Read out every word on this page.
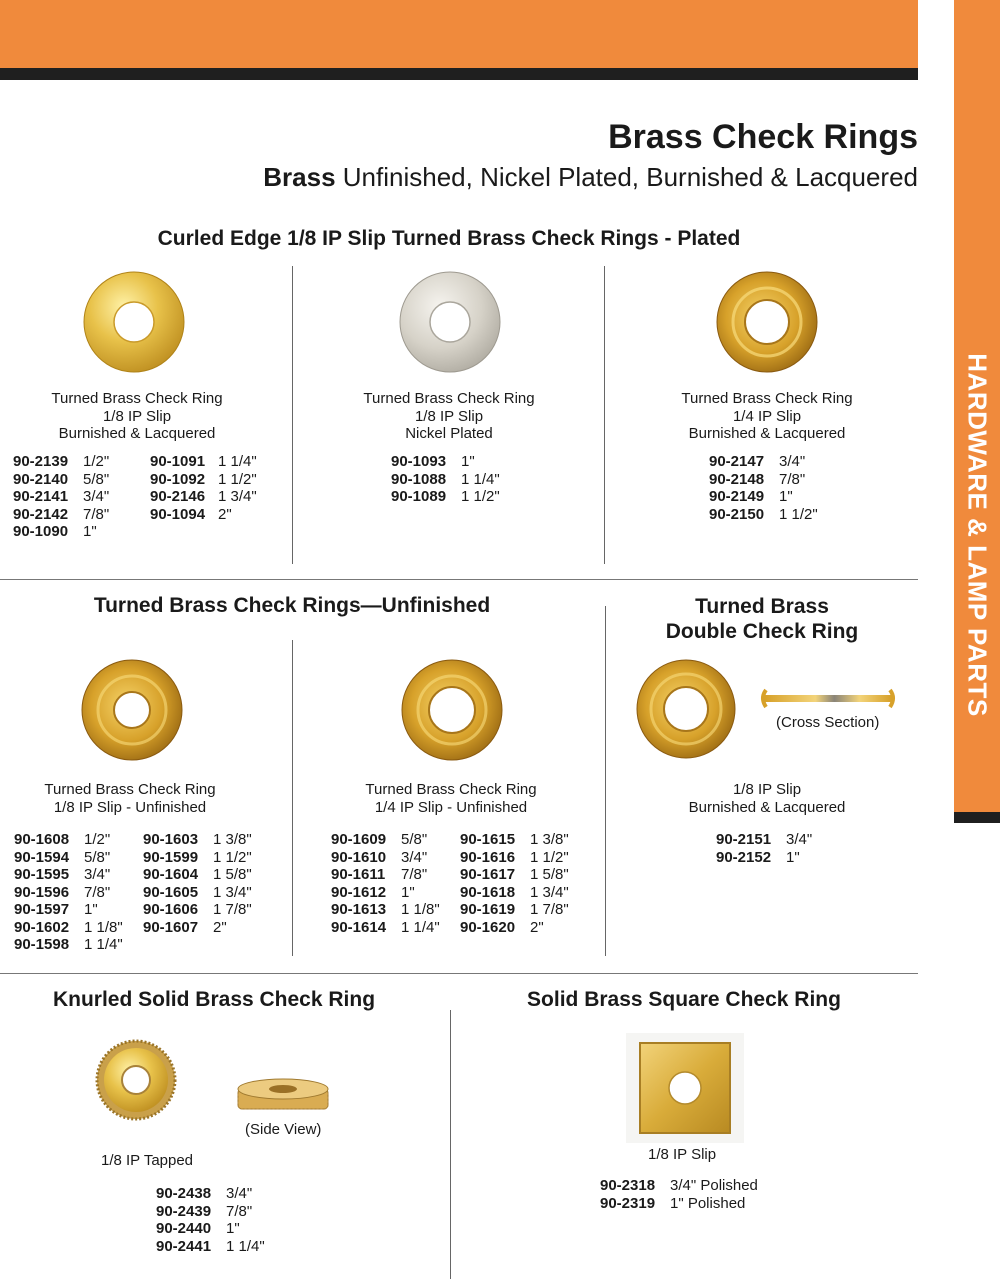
HARDWARE & LAMP PARTS
Brass Check Rings
Brass Unfinished, Nickel Plated, Burnished & Lacquered
Curled Edge 1/8 IP Slip Turned Brass Check Rings - Plated
Turned Brass Check Ring
1/8 IP Slip
Burnished & Lacquered
90-2139 1/2"
90-2140 5/8"
90-2141 3/4"
90-2142 7/8"
90-1090 1"
90-1091 1 1/4"
90-1092 1 1/2"
90-2146 1 3/4"
90-1094 2"
Turned Brass Check Ring
1/8 IP Slip
Nickel Plated
90-1093 1"
90-1088 1 1/4"
90-1089 1 1/2"
Turned Brass Check Ring
1/4 IP Slip
Burnished & Lacquered
90-2147 3/4"
90-2148 7/8"
90-2149 1"
90-2150 1 1/2"
Turned Brass Check Rings—Unfinished
Turned Brass Check Ring
1/8 IP Slip - Unfinished
90-1608 1/2"
90-1594 5/8"
90-1595 3/4"
90-1596 7/8"
90-1597 1"
90-1602 1 1/8"
90-1598 1 1/4"
90-1603 1 3/8"
90-1599 1 1/2"
90-1604 1 5/8"
90-1605 1 3/4"
90-1606 1 7/8"
90-1607 2"
Turned Brass Check Ring
1/4 IP Slip - Unfinished
90-1609 5/8"
90-1610 3/4"
90-1611	7/8"
90-1612 1"
90-1613 1 1/8"
90-1614 1 1/4"
90-1615 1 3/8"
90-1616 1 1/2"
90-1617 1 5/8"
90-1618 1 3/4"
90-1619 1 7/8"
90-1620 2"
Turned Brass
Double Check Ring
(Cross Section)
1/8 IP Slip
Burnished & Lacquered
90-2151 3/4"
90-2152 1"
Knurled Solid Brass Check Ring
(Side View)
1/8 IP Tapped
90-2438 3/4"
90-2439 7/8"
90-2440 1"
90-2441 1 1/4"
Solid Brass Square Check Ring
1/8 IP Slip
90-2318 3/4" Polished
90-2319 1" Polished
